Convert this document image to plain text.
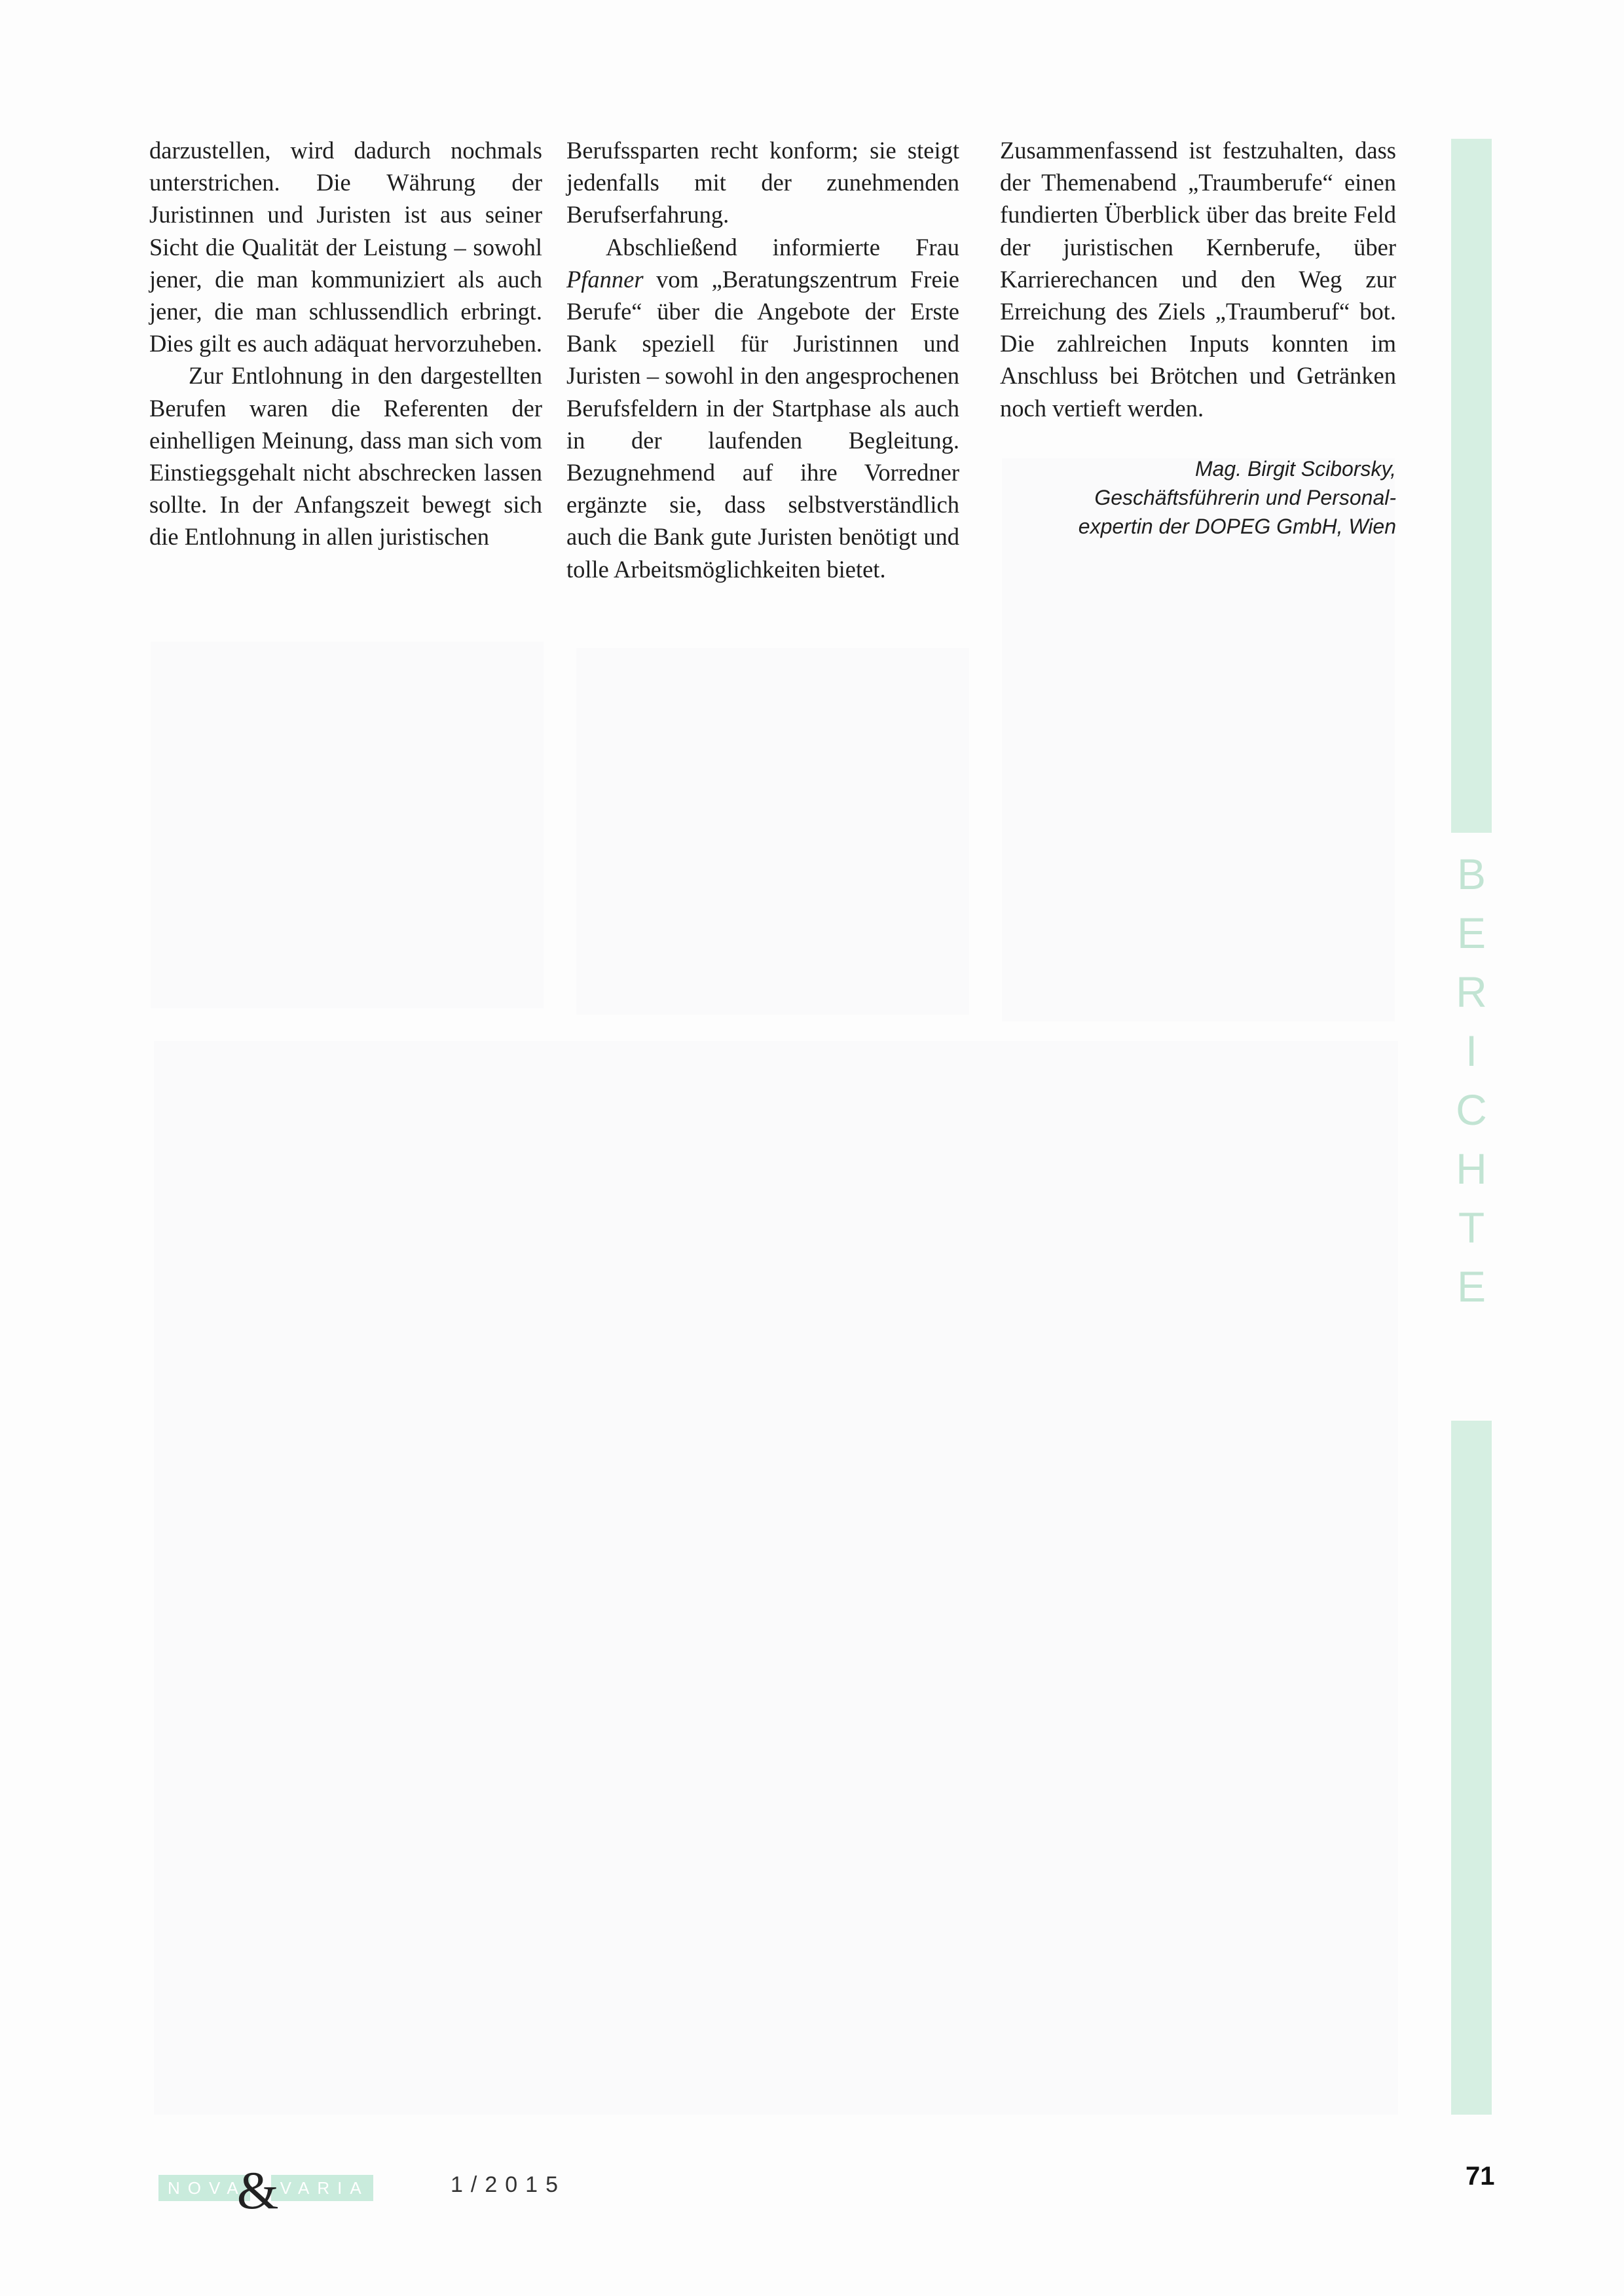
darzustellen, wird dadurch nochmals unterstrichen. Die Währung der Juristinnen und Juristen ist aus seiner Sicht die Qualität der Leistung – sowohl jener, die man kommuniziert als auch jener, die man schlussendlich erbringt. Dies gilt es auch adäquat hervorzuheben.

Zur Entlohnung in den dargestellten Berufen waren die Referenten der einhelligen Meinung, dass man sich vom Einstiegsgehalt nicht abschrecken lassen sollte. In der Anfangszeit bewegt sich die Entlohnung in allen juristischen

Berufssparten recht konform; sie steigt jedenfalls mit der zunehmenden Berufserfahrung.

Abschließend informierte Frau Pfanner vom „Beratungszentrum Freie Berufe“ über die Angebote der Erste Bank speziell für Juristinnen und Juristen – sowohl in den angesprochenen Berufsfeldern in der Startphase als auch in der laufenden Begleitung. Bezugnehmend auf ihre Vorredner ergänzte sie, dass selbstverständlich auch die Bank gute Juristen benötigt und tolle Arbeitsmöglichkeiten bietet.

Zusammenfassend ist festzuhalten, dass der Themenabend „Traumberufe“ einen fundierten Überblick über das breite Feld der juristischen Kernberufe, über Karrierechancen und den Weg zur Erreichung des Ziels „Traumberuf“ bot. Die zahlreichen Inputs konnten im Anschluss bei Brötchen und Getränken noch vertieft werden.

Mag. Birgit Sciborsky,
Geschäftsführerin und Personal-
expertin der DOPEG GmbH, Wien
B
E
R
I
C
H
T
E
NOVA
& VARIA	1/2015	71
